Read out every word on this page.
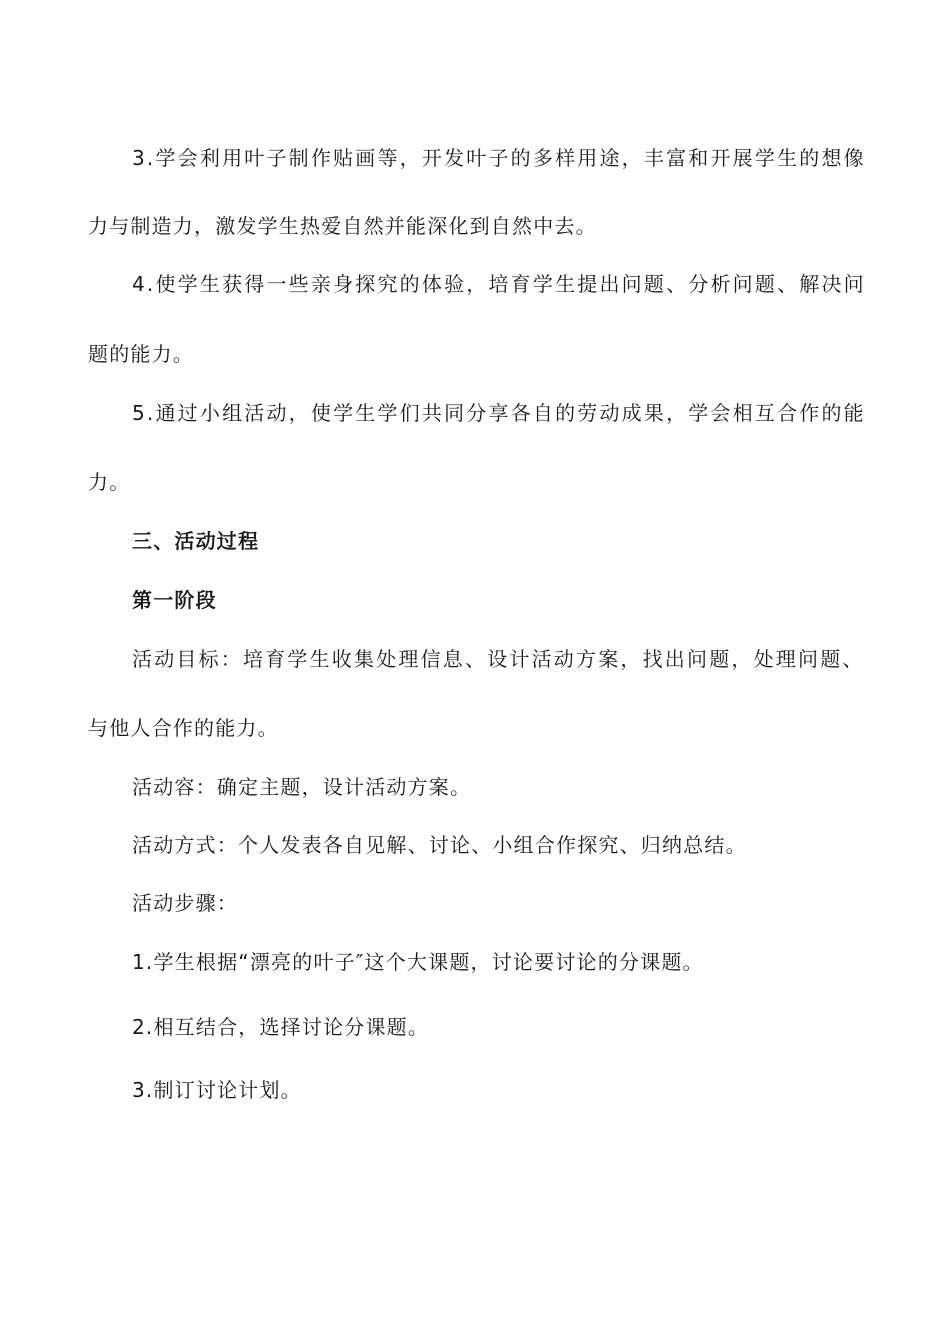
3.学会利用叶子制作贴画等，开发叶子的多样用途，丰富和开展学生的想像
力与制造力，激发学生热爱自然并能深化到自然中去。
4.使学生获得一些亲身探究的体验，培育学生提出问题、分析问题、解决问
题的能力。
5.通过小组活动，使学生学们共同分享各自的劳动成果，学会相互合作的能
力。
三、活动过程
第一阶段
活动目标：培育学生收集处理信息、设计活动方案，找出问题，处理问题、
与他人合作的能力。
活动容：确定主题，设计活动方案。
活动方式：个人发表各自见解、讨论、小组合作探究、归纳总结。
活动步骤：
1.学生根据“漂亮的叶子″这个大课题，讨论要讨论的分课题。
2.相互结合，选择讨论分课题。
3.制订讨论计划。
